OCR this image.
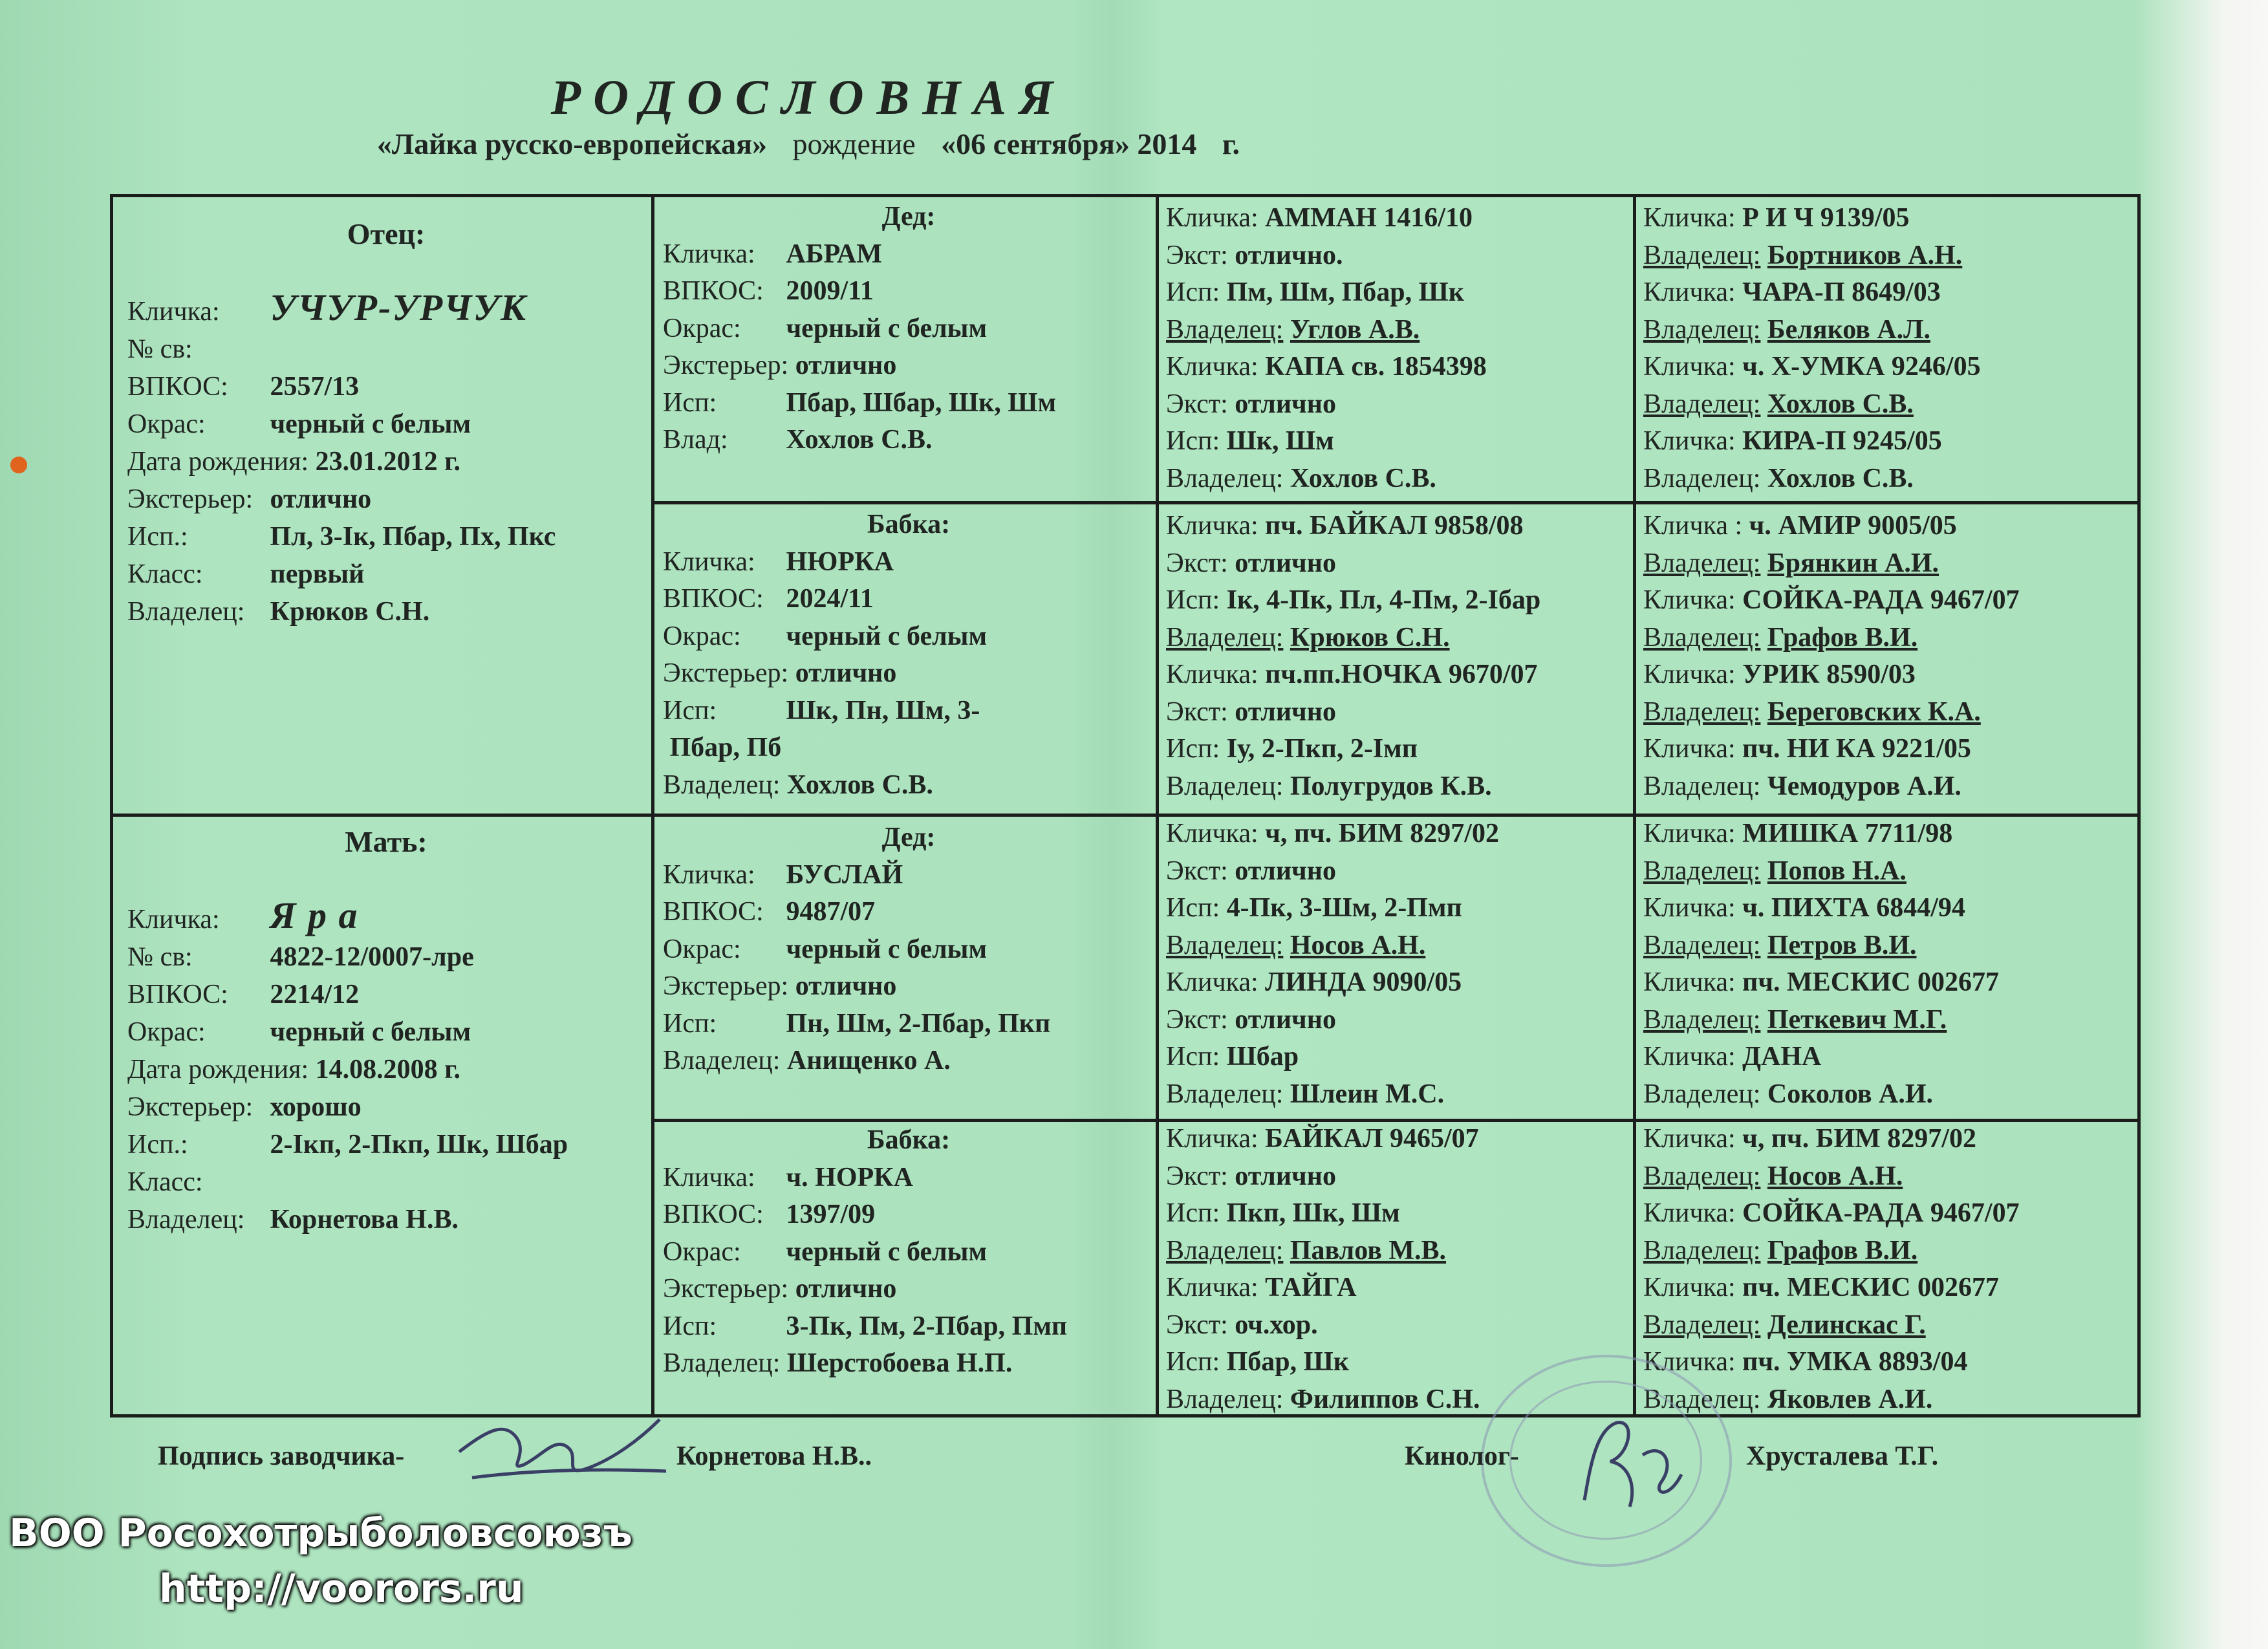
РОДОСЛОВНАЯ
«Лайка русско-европейская» рождение «06 сентября» 2014 г.
Отец:
Кличка: УЧУР-УРЧУК
№ св:
ВПКОС: 2557/13
Окрас: черный с белым
Дата рождения: 23.01.2012 г.
Экстерьер: отлично
Исп.:	Пл, 3-Iк, Пбар, Пх, Пкс
Класс: первый
Владелец: Крюков С.Н.
Мать:
Кличка: Я р а
№ св:	4822-12/0007-лре
ВПКОС: 2214/12
Окрас: черный с белым
Дата рождения: 14.08.2008 г.
Экстерьер: хорошо
Исп.:	2-Iкп, 2-Пкп, Шк, Шбар
Класс:
Владелец: Корнетова Н.В.
Дед:
Кличка: АБРАМ
ВПКОС: 2009/11
Окрас: черный с белым
Экстерьер: отлично
Исп:	Пбар, Шбар, Шк, Шм
Влад: Хохлов С.В.
Бабка:
Кличка: НЮРКА
ВПКОС: 2024/11
Окрас: черный с белым
Экстерьер: отлично
Исп:	Шк, Пн, Шм, 3-
Пбар, Пб
Владелец: Хохлов С.В.
Дед:
Кличка: БУСЛАЙ
ВПКОС: 9487/07
Окрас: черный с белым
Экстерьер: отлично
Исп:	Пн, Шм, 2-Пбар, Пкп
Владелец: Анищенко А.
Бабка:
Кличка: ч. НОРКА
ВПКОС: 1397/09
Окрас: черный с белым
Экстерьер: отлично
Исп:	3-Пк, Пм, 2-Пбар, Пмп
Владелец: Шерстобоева Н.П.
Кличка: АММАН 1416/10
Экст: отлично.
Исп: Пм, Шм, Пбар, Шк
Владелец: Углов А.В.
Кличка: КАПА св. 1854398
Экст: отлично
Исп: Шк, Шм
Владелец: Хохлов С.В.
Кличка: пч. БАЙКАЛ 9858/08
Экст: отлично
Исп: Iк, 4-Пк, Пл, 4-Пм, 2-Iбар
Владелец: Крюков С.Н.
Кличка: пч.пп.НОЧКА 9670/07
Экст: отлично
Исп: Iу, 2-Пкп, 2-Iмп
Владелец: Полугрудов К.В.
Кличка: ч, пч. БИМ 8297/02
Экст: отлично
Исп: 4-Пк, 3-Шм, 2-Пмп
Владелец: Носов А.Н.
Кличка: ЛИНДА 9090/05
Экст: отлично
Исп: Шбар
Владелец: Шлеин М.С.
Кличка: БАЙКАЛ 9465/07
Экст: отлично
Исп: Пкп, Шк, Шм
Владелец: Павлов М.В.
Кличка: ТАЙГА
Экст: оч.хор.
Исп: Пбар, Шк
Владелец: Филиппов С.Н.
Кличка: Р И Ч 9139/05
Владелец: Бортников А.Н.
Кличка: ЧАРА-П 8649/03
Владелец: Беляков А.Л.
Кличка: ч. Х-УМКА 9246/05
Владелец: Хохлов С.В.
Кличка: КИРА-П 9245/05
Владелец: Хохлов С.В.
Кличка : ч. АМИР 9005/05
Владелец: Брянкин А.И.
Кличка: СОЙКА-РАДА 9467/07
Владелец: Графов В.И.
Кличка: УРИК 8590/03
Владелец: Береговских К.А.
Кличка: пч. НИ КА 9221/05
Владелец: Чемодуров А.И.
Кличка: МИШКА 7711/98
Владелец: Попов Н.А.
Кличка: ч. ПИХТА 6844/94
Владелец: Петров В.И.
Кличка: пч. МЕСКИС 002677
Владелец: Петкевич М.Г.
Кличка: ДАНА
Владелец: Соколов А.И.
Кличка: ч, пч. БИМ 8297/02
Владелец: Носов А.Н.
Кличка: СОЙКА-РАДА 9467/07
Владелец: Графов В.И.
Кличка: пч. МЕСКИС 002677
Владелец: Делинскас Г.
Кличка: пч. УМКА 8893/04
Владелец: Яковлев А.И.
Подпись заводчика-	Корнетова Н.В..	Кинолог-	Хрусталева Т.Г.
ВОО Росохотрыболовсоюзъ
http://voorors.ru
